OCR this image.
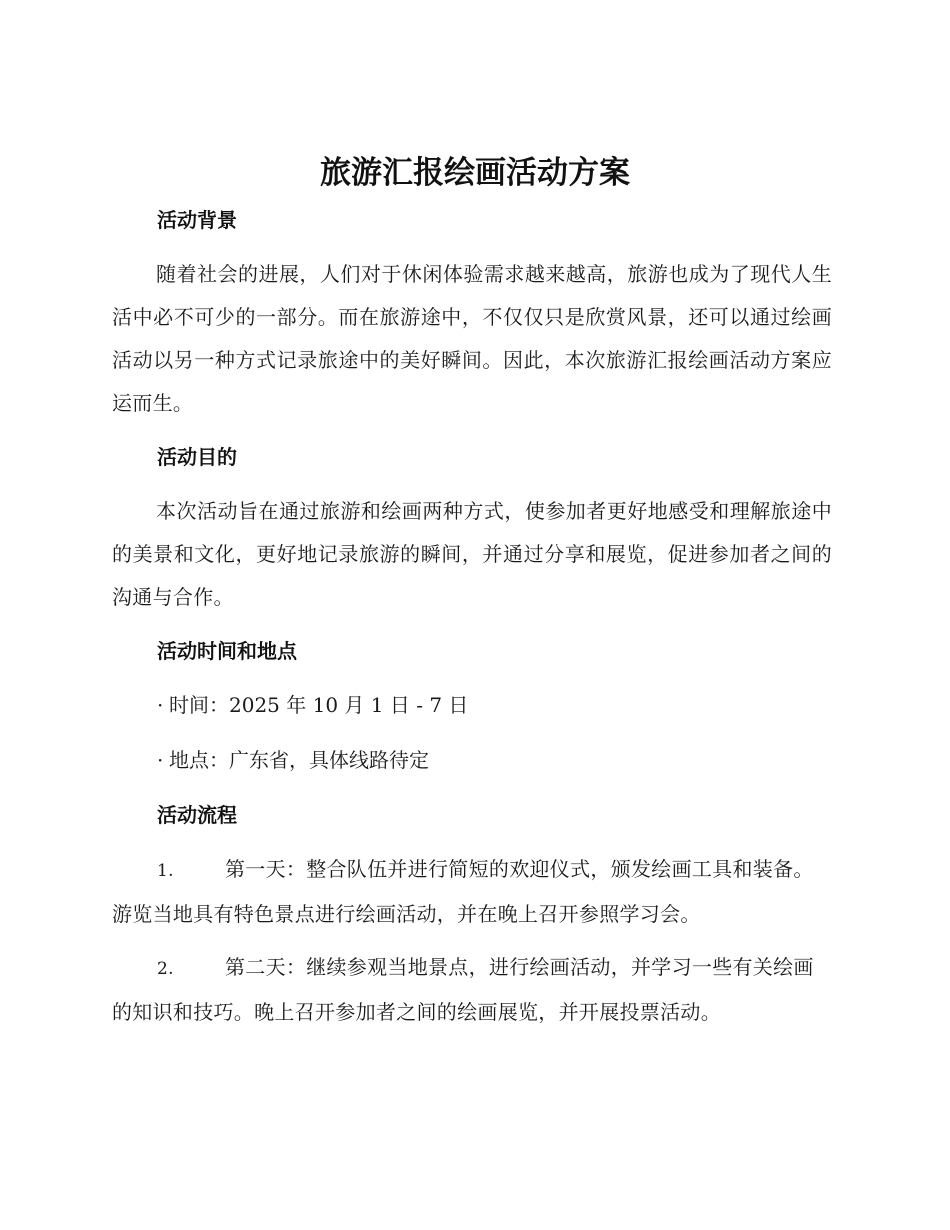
旅游汇报绘画活动方案
活动背景

随着社会的进展，人们对于休闲体验需求越来越高，旅游也成为了现代人生活中必不可少的一部分。而在旅游途中，不仅仅只是欣赏风景，还可以通过绘画活动以另一种方式记录旅途中的美好瞬间。因此，本次旅游汇报绘画活动方案应运而生。

活动目的

本次活动旨在通过旅游和绘画两种方式，使参加者更好地感受和理解旅途中的美景和文化，更好地记录旅游的瞬间，并通过分享和展览，促进参加者之间的沟通与合作。

活动时间和地点

· 时间：2025 年 10 月 1 日 - 7 日

· 地点：广东省，具体线路待定

活动流程

1.	第一天：整合队伍并进行简短的欢迎仪式，颁发绘画工具和装备。游览当地具有特色景点进行绘画活动，并在晚上召开参照学习会。

2.	第二天：继续参观当地景点，进行绘画活动，并学习一些有关绘画的知识和技巧。晚上召开参加者之间的绘画展览，并开展投票活动。
